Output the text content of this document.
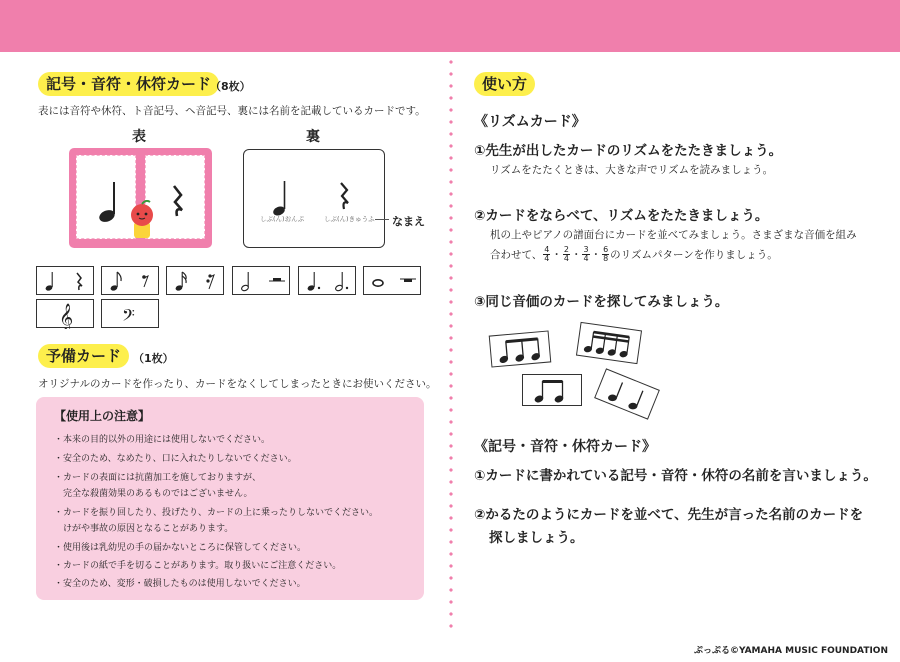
記号・音符・休符カード
（8枚）
表には音符や休符、ト音記号、ヘ音記号、裏には名前を記載しているカードです。
表	裏
しぶ(ん)おんぷ	しぶ(ん)きゅうふ なまえ
𝄞 𝄢
予備カード	（1枚）
オリジナルのカードを作ったり、カードをなくしてしまったときにお使いください。
【使用上の注意】
・本来の目的以外の用途には使用しないでください。
・安全のため、なめたり、口に入れたりしないでください。
・カードの表面には抗菌加工を施しておりますが、
　完全な殺菌効果のあるものではございません。
・カードを振り回したり、投げたり、カードの上に乗ったりしないでください。
　けがや事故の原因となることがあります。
・使用後は乳幼児の手の届かないところに保管してください。
・カードの紙で手を切ることがあります。取り扱いにご注意ください。
・安全のため、変形・破損したものは使用しないでください。
使い方
《リズムカード》
①先生が出したカードのリズムをたたきましょう。
リズムをたたくときは、大きな声でリズムを読みましょう。
②カードをならべて、リズムをたたきましょう。
机の上やピアノの譜面台にカードを並べてみましょう。さまざまな音価を組み
合わせて、 $\frac{4}{4}$ ・ $\frac{2}{4}$ ・ $\frac{3}{4}$ ・ $\frac{6}{8}$ のリズムパターンを作りましょう。
③同じ音価のカードを探してみましょう。
《記号・音符・休符カード》
①カードに書かれている記号・音符・休符の名前を言いましょう。
②かるたのようにカードを並べて、先生が言った名前のカードを
探しましょう。
ぷっぷる©YAMAHA MUSIC FOUNDATION
